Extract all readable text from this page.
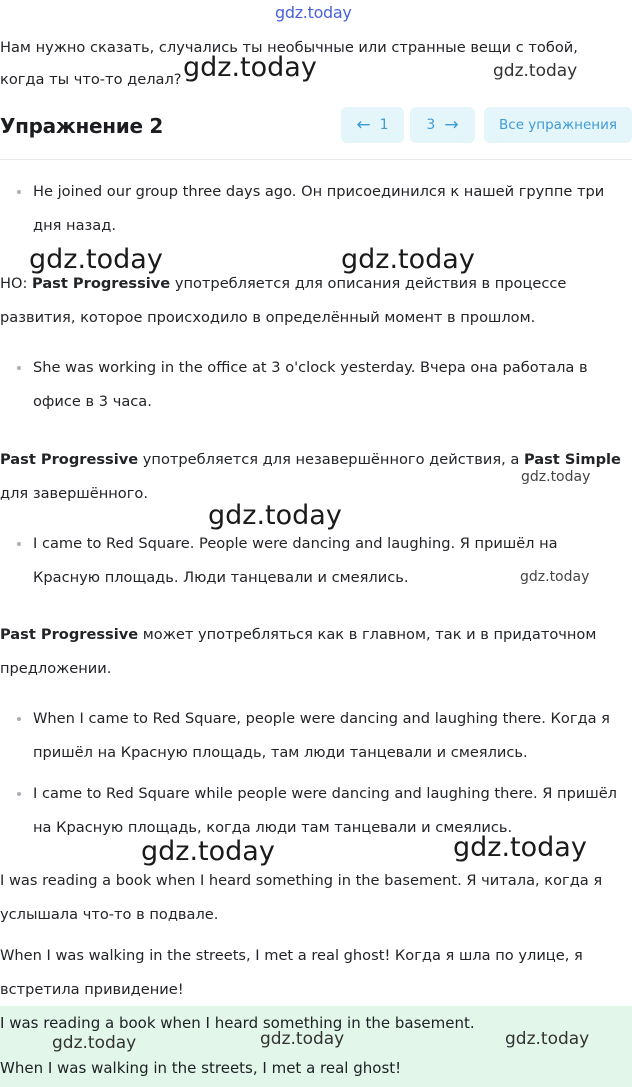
gdz.today
Нам нужно сказать, случались ты необычные или странные вещи с тобой, когда ты что-то делал?
Упражнение 2	← 1	3 →	Все упражнения
He joined our group three days ago. Он присоединился к нашей группе три дня назад.
НО: Past Progressive употребляется для описания действия в процессе развития, которое происходило в определённый момент в прошлом.
She was working in the office at 3 o'clock yesterday. Вчера она работала в офисе в 3 часа.
Past Progressive употребляется для незавершённого действия, а Past Simple для завершённого.
I came to Red Square. People were dancing and laughing. Я пришёл на Красную площадь. Люди танцевали и смеялись.
Past Progressive может употребляться как в главном, так и в придаточном предложении.
When I came to Red Square, people were dancing and laughing there. Когда я пришёл на Красную площадь, там люди танцевали и смеялись.
I came to Red Square while people were dancing and laughing there. Я пришёл на Красную площадь, когда люди там танцевали и смеялись.
I was reading a book when I heard something in the basement. Я читала, когда я услышала что-то в подвале.
When I was walking in the streets, I met a real ghost! Когда я шла по улице, я встретила привидение!
I was reading a book when I heard something in the basement.
When I was walking in the streets, I met a real ghost!
gdz.today	gdz.today
gdz.today	gdz.today
gdz.today
gdz.today
gdz.today
gdz.today	gdz.today
gdz.today	gdz.today	gdz.today
